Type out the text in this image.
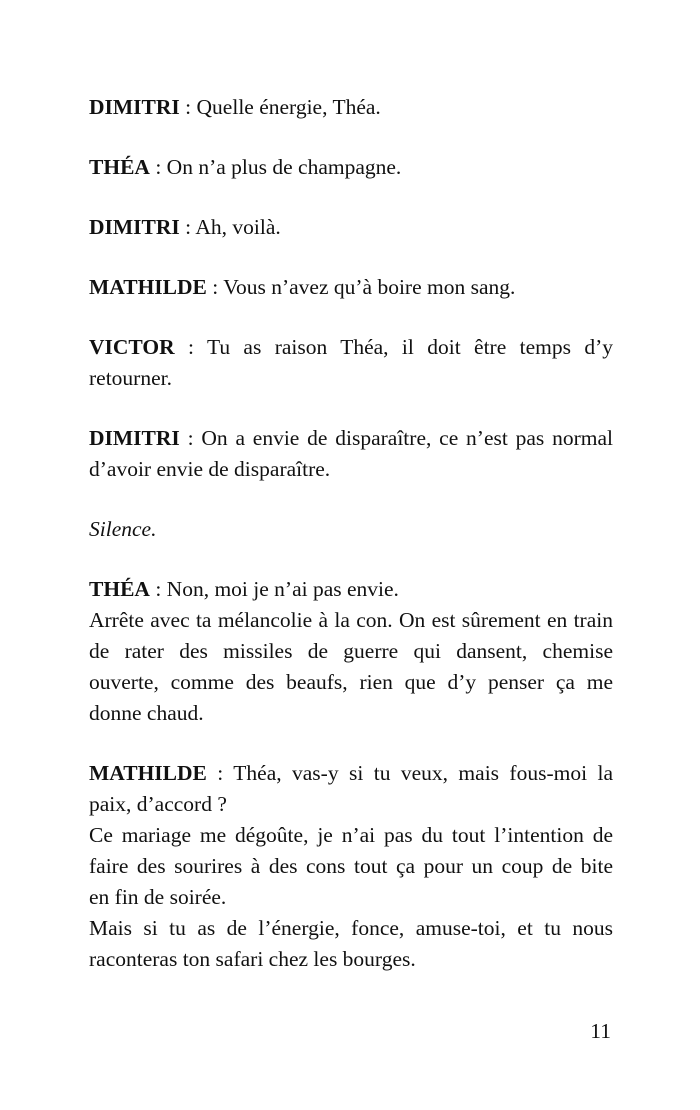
DIMITRI : Quelle énergie, Théa.

THÉA : On n’a plus de champagne.

DIMITRI : Ah, voilà.

MATHILDE : Vous n’avez qu’à boire mon sang.

VICTOR : Tu as raison Théa, il doit être temps d’y
retourner.

DIMITRI : On a envie de disparaître, ce n’est pas normal
d’avoir envie de disparaître.

Silence.

THÉA : Non, moi je n’ai pas envie.
Arrête avec ta mélancolie à la con. On est sûrement en train
de rater des missiles de guerre qui dansent, chemise
ouverte, comme des beaufs, rien que d’y penser ça me
donne chaud.

MATHILDE : Théa, vas-y si tu veux, mais fous-moi la
paix, d’accord ?
Ce mariage me dégoûte, je n’ai pas du tout l’intention de
faire des sourires à des cons tout ça pour un coup de bite
en fin de soirée.
Mais si tu as de l’énergie, fonce, amuse-toi, et tu nous
raconteras ton safari chez les bourges.

11
